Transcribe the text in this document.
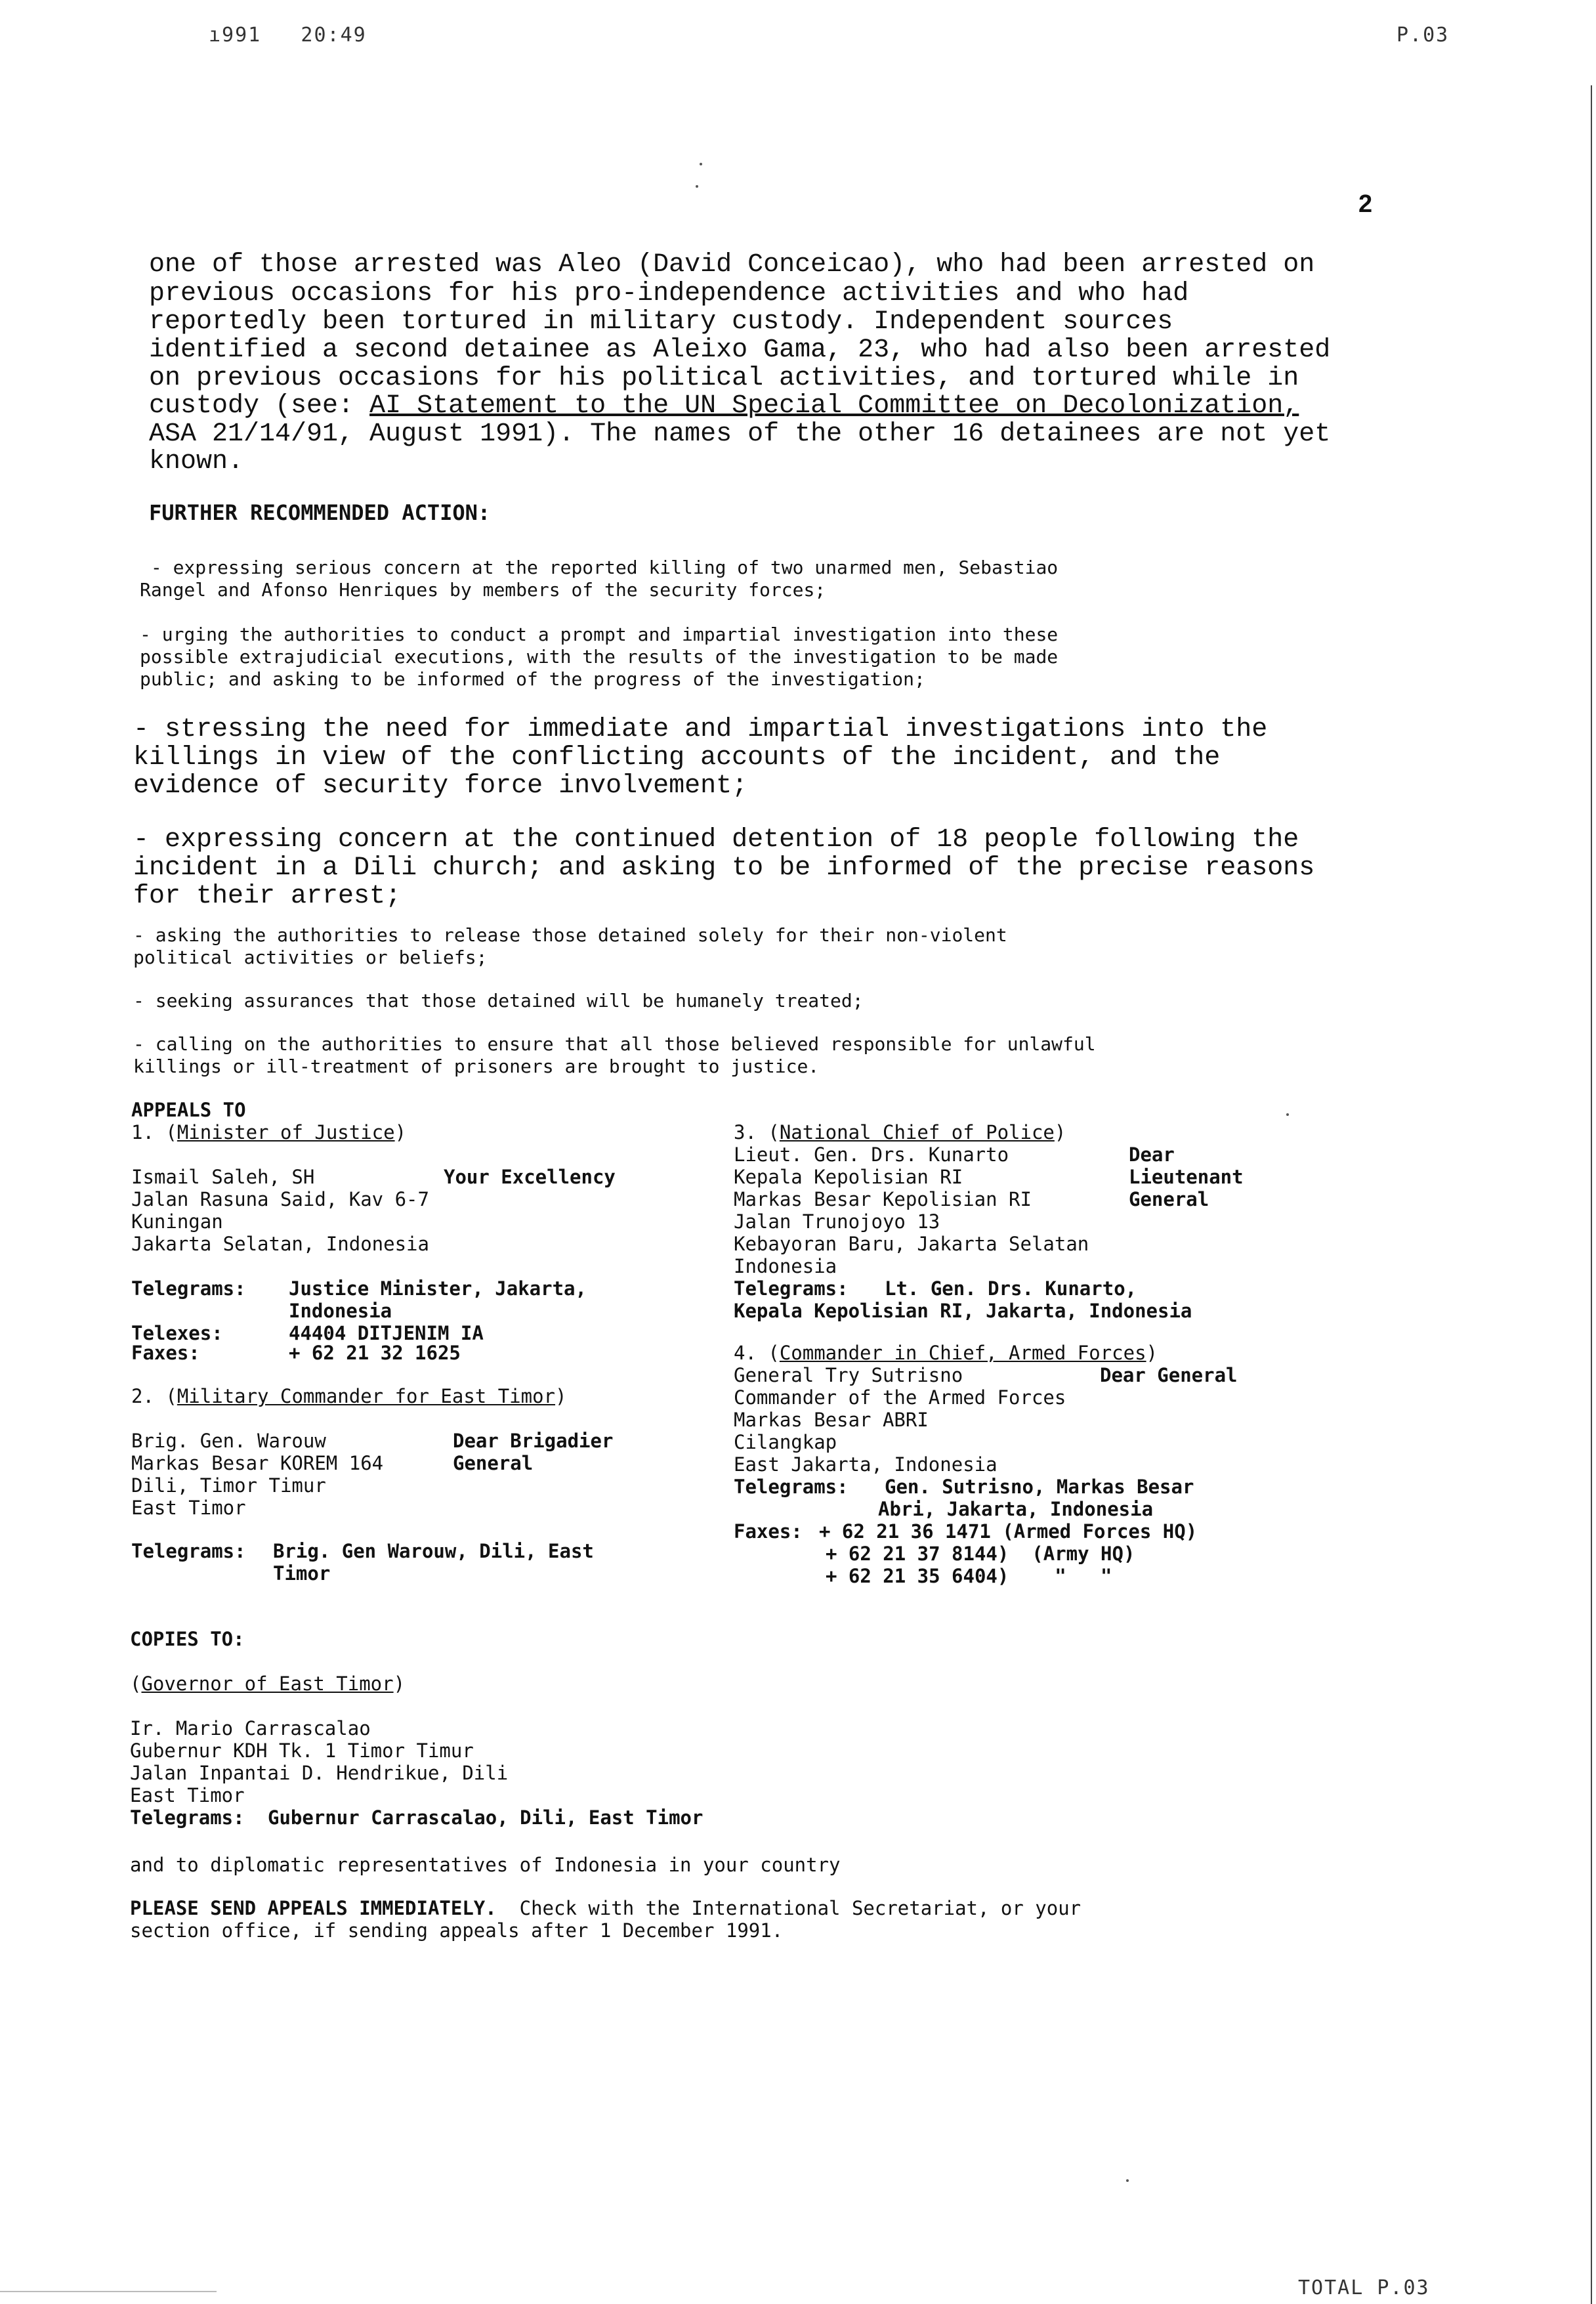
ı991   20:49	P.03
2

one of those arrested was Aleo (David Conceicao), who had been arrested on

previous occasions for his pro-independence activities and who had

reportedly been tortured in military custody. Independent sources

identified a second detainee as Aleixo Gama, 23, who had also been arrested

on previous occasions for his political activities, and tortured while in

custody (see: AI Statement to the UN Special Committee on Decolonization,

ASA 21/14/91, August 1991). The names of the other 16 detainees are not yet

known.

FURTHER RECOMMENDED ACTION:

- expressing serious concern at the reported killing of two unarmed men, Sebastiao

Rangel and Afonso Henriques by members of the security forces;

- urging the authorities to conduct a prompt and impartial investigation into these

possible extrajudicial executions, with the results of the investigation to be made

public; and asking to be informed of the progress of the investigation;

- stressing the need for immediate and impartial investigations into the

killings in view of the conflicting accounts of the incident, and the

evidence of security force involvement;

- expressing concern at the continued detention of 18 people following the

incident in a Dili church; and asking to be informed of the precise reasons

for their arrest;

- asking the authorities to release those detained solely for their non-violent

political activities or beliefs;

- seeking assurances that those detained will be humanely treated;

- calling on the authorities to ensure that all those believed responsible for unlawful

killings or ill-treatment of prisoners are brought to justice.

APPEALS TO

1. (Minister of Justice)

Ismail Saleh, SH	Your Excellency

Jalan Rasuna Said, Kav 6-7

Kuningan

Jakarta Selatan, Indonesia

Telegrams: Justice Minister, Jakarta,

Indonesia

Telexes:	44404 DITJENIM IA

Faxes:	+ 62 21 32 1625

2. (Military Commander for East Timor)

Brig. Gen. Warouw	Dear Brigadier

Markas Besar KOREM 164	General

Dili, Timor Timur

East Timor

Telegrams: Brig. Gen Warouw, Dili, East

Timor

3. (National Chief of Police)

Lieut. Gen. Drs. Kunarto	Dear

Kepala Kepolisian RI	Lieutenant

Markas Besar Kepolisian RI	General

Jalan Trunojoyo 13

Kebayoran Baru, Jakarta Selatan

Indonesia

Telegrams: Lt. Gen. Drs. Kunarto,

Kepala Kepolisian RI, Jakarta, Indonesia

4. (Commander in Chief, Armed Forces)

General Try Sutrisno	Dear General

Commander of the Armed Forces

Markas Besar ABRI

Cilangkap

East Jakarta, Indonesia

Telegrams: Gen. Sutrisno, Markas Besar

Abri, Jakarta, Indonesia

Faxes: + 62 21 36 1471 (Armed Forces HQ)

+ 62 21 37 8144)  (Army HQ)

+ 62 21 35 6404)    "   "

COPIES TO:

(Governor of East Timor)

Ir. Mario Carrascalao

Gubernur KDH Tk. 1 Timor Timur

Jalan Inpantai D. Hendrikue, Dili

East Timor

Telegrams: Gubernur Carrascalao, Dili, East Timor

and to diplomatic representatives of Indonesia in your country

PLEASE SEND APPEALS IMMEDIATELY.  Check with the International Secretariat, or your

section office, if sending appeals after 1 December 1991.

TOTAL P.03
